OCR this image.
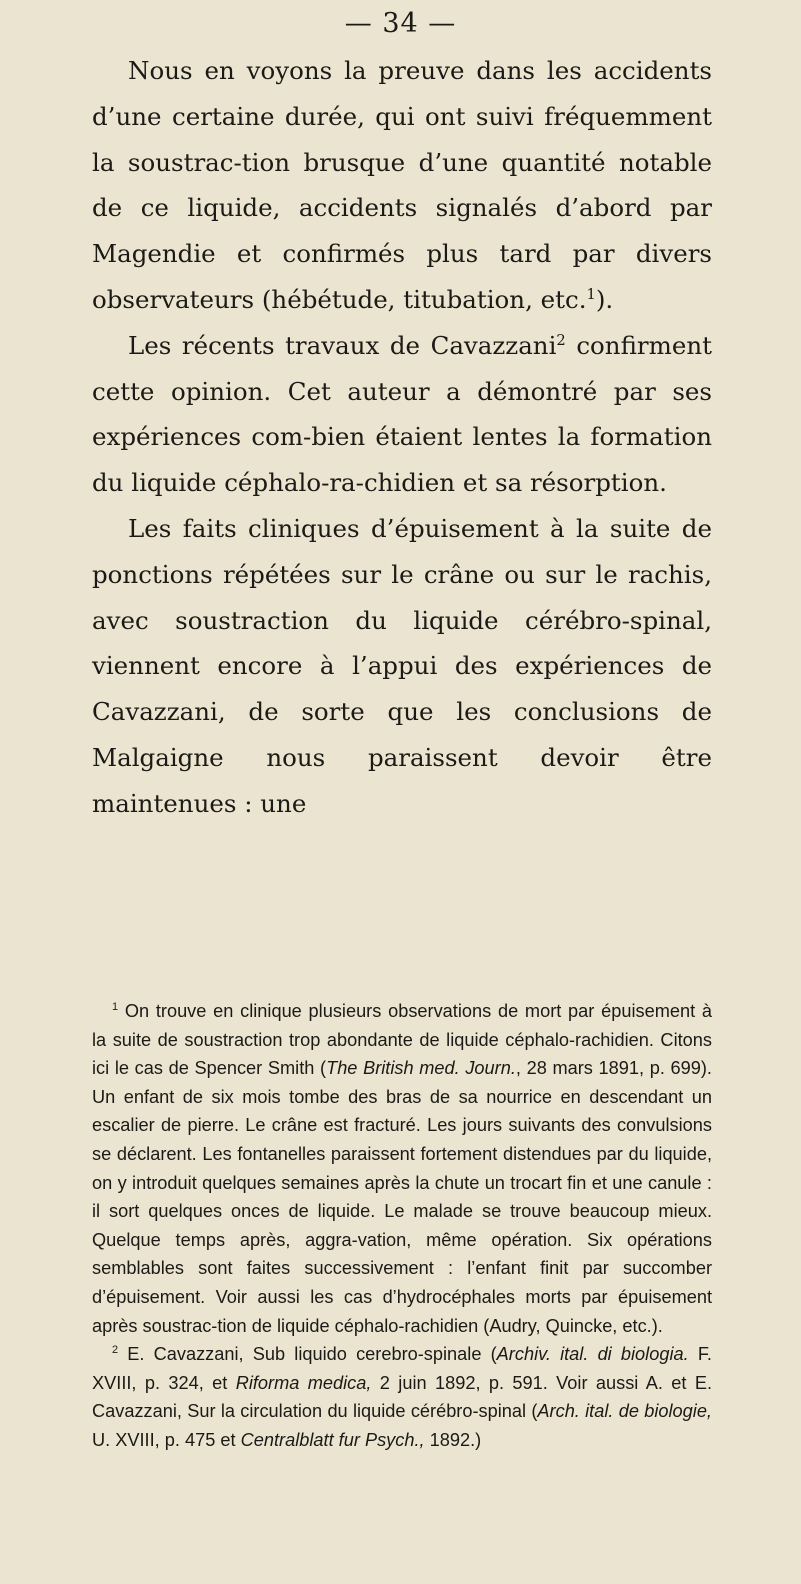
— 34 —

Nous en voyons la preuve dans les accidents d’une certaine durée, qui ont suivi fréquemment la soustrac-tion brusque d’une quantité notable de ce liquide, accidents signalés d’abord par Magendie et confirmés plus tard par divers observateurs (hébétude, titubation, etc.$^1$).

Les récents travaux de Cavazzani$^2$ confirment cette opinion. Cet auteur a démontré par ses expériences com-bien étaient lentes la formation du liquide céphalo-ra-chidien et sa résorption.

Les faits cliniques d’épuisement à la suite de ponctions répétées sur le crâne ou sur le rachis, avec soustraction du liquide cérébro-spinal, viennent encore à l’appui des expériences de Cavazzani, de sorte que les conclusions de Malgaigne nous paraissent devoir être maintenues : une

$^1$ On trouve en clinique plusieurs observations de mort par épuisement à la suite de soustraction trop abondante de liquide céphalo-rachidien. Citons ici le cas de Spencer Smith (The British med. Journ., 28 mars 1891, p. 699). Un enfant de six mois tombe des bras de sa nourrice en descendant un escalier de pierre. Le crâne est fracturé. Les jours suivants des convulsions se déclarent. Les fontanelles paraissent fortement distendues par du liquide, on y introduit quelques semaines après la chute un trocart fin et une canule : il sort quelques onces de liquide. Le malade se trouve beaucoup mieux. Quelque temps après, aggra-vation, même opération. Six opérations semblables sont faites successivement : l’enfant finit par succomber d’épuisement. Voir aussi les cas d’hydrocéphales morts par épuisement après soustrac-tion de liquide céphalo-rachidien (Audry, Quincke, etc.).

$^2$ E. Cavazzani, Sub liquido cerebro-spinale (Archiv. ital. di biologia. F. XVIII, p. 324, et Riforma medica, 2 juin 1892, p. 591. Voir aussi A. et E. Cavazzani, Sur la circulation du liquide cérébro-spinal (Arch. ital. de biologie, U. XVIII, p. 475 et Centralblatt fur Psych., 1892.)
